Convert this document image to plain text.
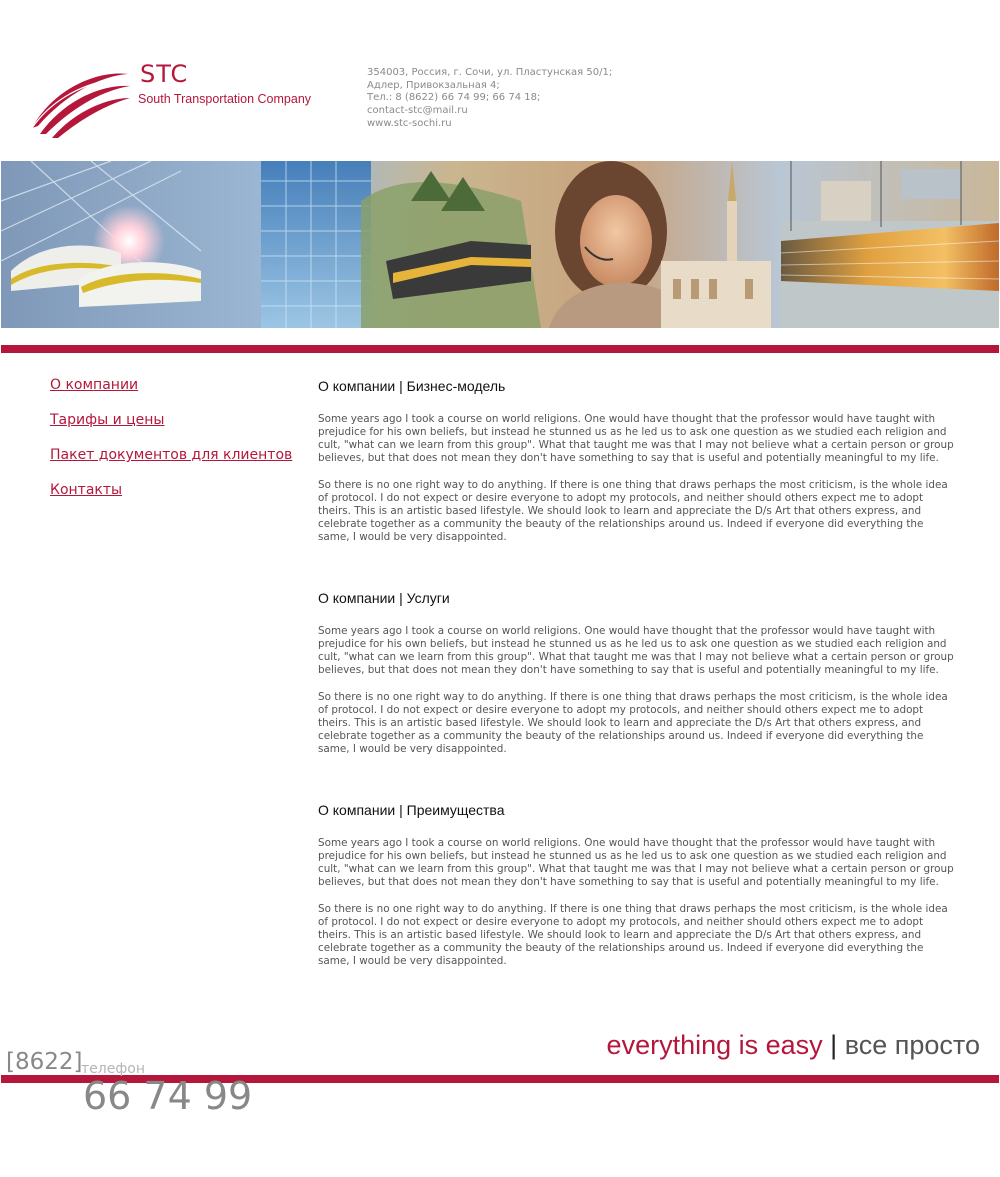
STC
South Transportation Company
354003, Россия, г. Сочи, ул. Пластунская 50/1;
Адлер, Привокзальная 4;
Тел.: 8 (8622) 66 74 99; 66 74 18;
contact-stc@mail.ru
www.stc-sochi.ru
О компании
Тарифы и цены
Пакет документов для клиентов
Контакты
О компании | Бизнес-модель

Some years ago I took a course on world religions. One would have thought that the professor would have taught with prejudice for his own beliefs, but instead he stunned us as he led us to ask one question as we studied each religion and cult, "what can we learn from this group". What that taught me was that I may not believe what a certain person or group believes, but that does not mean they don't have something to say that is useful and potentially meaningful to my life.

So there is no one right way to do anything. If there is one thing that draws perhaps the most criticism, is the whole idea of protocol. I do not expect or desire everyone to adopt my protocols, and neither should others expect me to adopt theirs. This is an artistic based lifestyle. We should look to learn and appreciate the D/s Art that others express, and celebrate together as a community the beauty of the relationships around us. Indeed if everyone did everything the same, I would be very disappointed.

О компании | Услуги

Some years ago I took a course on world religions. One would have thought that the professor would have taught with prejudice for his own beliefs, but instead he stunned us as he led us to ask one question as we studied each religion and cult, "what can we learn from this group". What that taught me was that I may not believe what a certain person or group believes, but that does not mean they don't have something to say that is useful and potentially meaningful to my life.

So there is no one right way to do anything. If there is one thing that draws perhaps the most criticism, is the whole idea of protocol. I do not expect or desire everyone to adopt my protocols, and neither should others expect me to adopt theirs. This is an artistic based lifestyle. We should look to learn and appreciate the D/s Art that others express, and celebrate together as a community the beauty of the relationships around us. Indeed if everyone did everything the same, I would be very disappointed.

О компании | Преимущества

Some years ago I took a course on world religions. One would have thought that the professor would have taught with prejudice for his own beliefs, but instead he stunned us as he led us to ask one question as we studied each religion and cult, "what can we learn from this group". What that taught me was that I may not believe what a certain person or group believes, but that does not mean they don't have something to say that is useful and potentially meaningful to my life.

So there is no one right way to do anything. If there is one thing that draws perhaps the most criticism, is the whole idea of protocol. I do not expect or desire everyone to adopt my protocols, and neither should others expect me to adopt theirs. This is an artistic based lifestyle. We should look to learn and appreciate the D/s Art that others express, and celebrate together as a community the beauty of the relationships around us. Indeed if everyone did everything the same, I would be very disappointed.

everything is easy | все просто
[8622]
телефон
66 74 99
